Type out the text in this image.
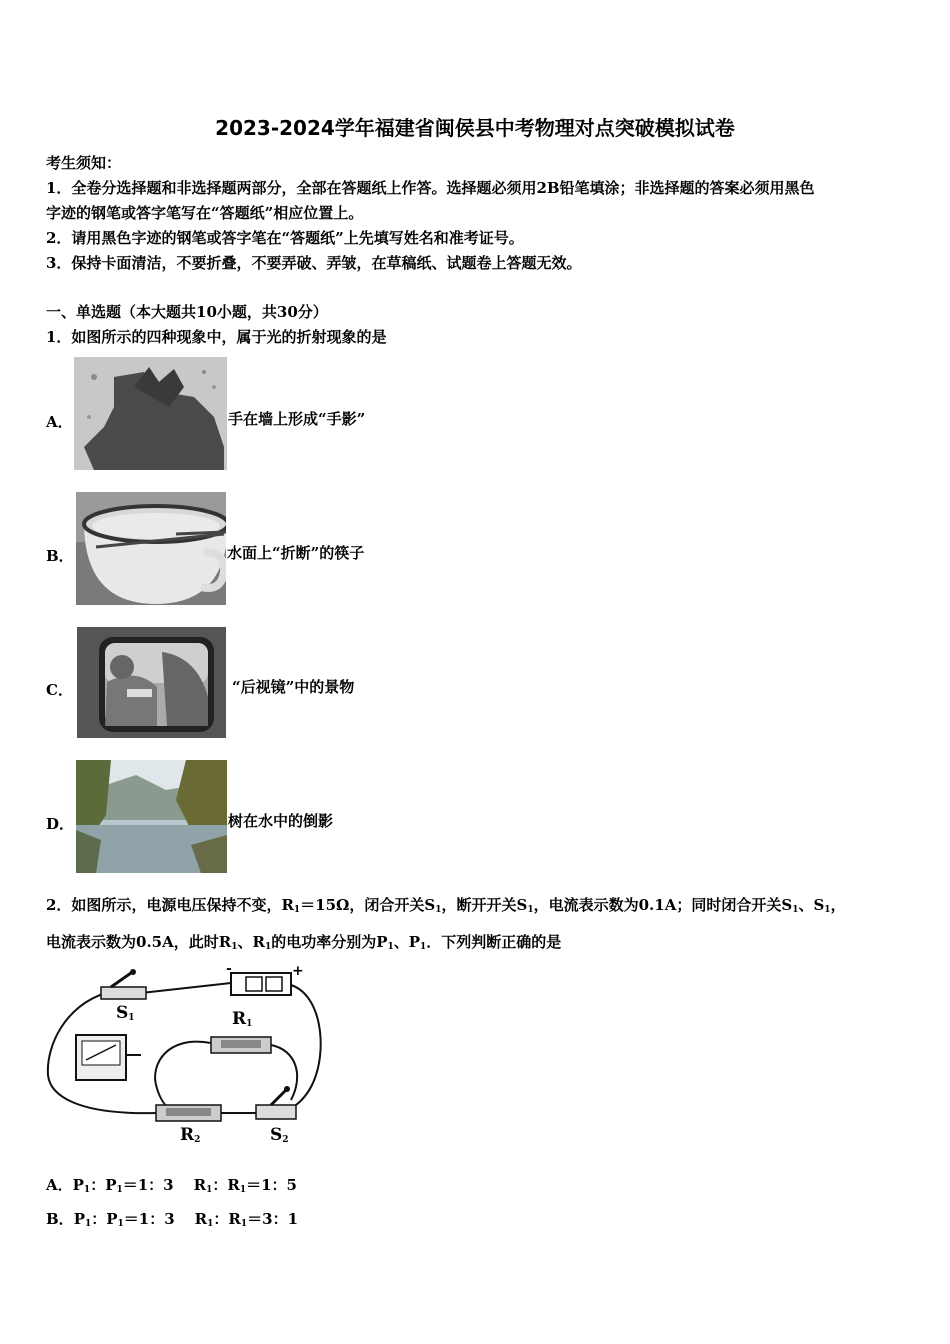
2023-2024学年福建省闽侯县中考物理对点突破模拟试卷
考生须知：
1．全卷分选择题和非选择题两部分，全部在答题纸上作答。选择题必须用2B铅笔填涂；非选择题的答案必须用黑色
字迹的钢笔或答字笔写在“答题纸”相应位置上。
2．请用黑色字迹的钢笔或答字笔在“答题纸”上先填写姓名和准考证号。
3．保持卡面清洁，不要折叠，不要弄破、弄皱，在草稿纸、试题卷上答题无效。
一、单选题（本大题共10小题，共30分）
1．如图所示的四种现象中，属于光的折射现象的是
A．	手在墙上形成“手影”
B．	水面上“折断”的筷子
C．	“后视镜”中的景物
D．	树在水中的倒影
2．如图所示，电源电压保持不变，$R_1=15\Omega$，闭合开关$S_1$，断开开关$S_1$，电流表示数为0.1A；同时闭合开关$S_1$、$S_1$，
电流表示数为0.5A，此时$R_1$、$R_1$的电功率分别为$P_1$、$P_1$．下列判断正确的是
$S_1$	$R_1$
$R_2$	$S_2$
-	+
A．$P_1$：$P_1=1$：3 $R_1$：$R_1=1$：5
B．$P_1$：$P_1=1$：3 $R_1$：$R_1=3$：1
